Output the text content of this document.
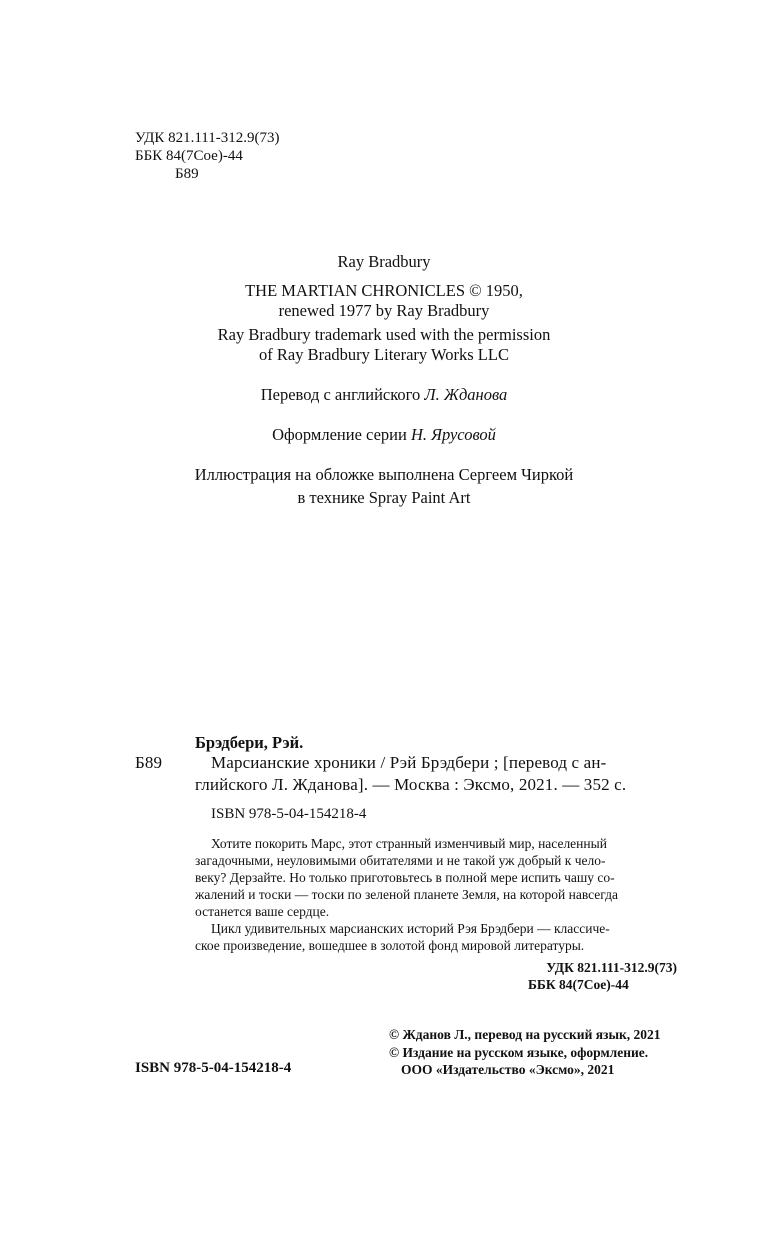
УДК 821.111-312.9(73)
ББК 84(7Сое)-44
Б89
Ray Bradbury
THE MARTIAN CHRONICLES © 1950,
renewed 1977 by Ray Bradbury
Ray Bradbury trademark used with the permission
of Ray Bradbury Literary Works LLC
Перевод с английского Л. Жданова
Оформление серии Н. Ярусовой
Иллюстрация на обложке выполнена Сергеем Чиркой
в технике Spray Paint Art
Брэдбери, Рэй.
Б89	Марсианские хроники / Рэй Брэдбери ; [перевод с ан-
глийского Л. Жданова]. — Москва : Эксмо, 2021. — 352 с.
ISBN 978-5-04-154218-4
Хотите покорить Марс, этот странный изменчивый мир, населенный
загадочными, неуловимыми обитателями и не такой уж добрый к чело-
веку? Дерзайте. Но только приготовьтесь в полной мере испить чашу со-
жалений и тоски — тоски по зеленой планете Земля, на которой навсегда
останется ваше сердце.
Цикл удивительных марсианских историй Рэя Брэдбери — классиче-
ское произведение, вошедшее в золотой фонд мировой литературы.
УДК 821.111-312.9(73)
ББК 84(7Сое)-44
© Жданов Л., перевод на русский язык, 2021
© Издание на русском языке, оформление.
ООО «Издательство «Эксмо», 2021
ISBN 978-5-04-154218-4
